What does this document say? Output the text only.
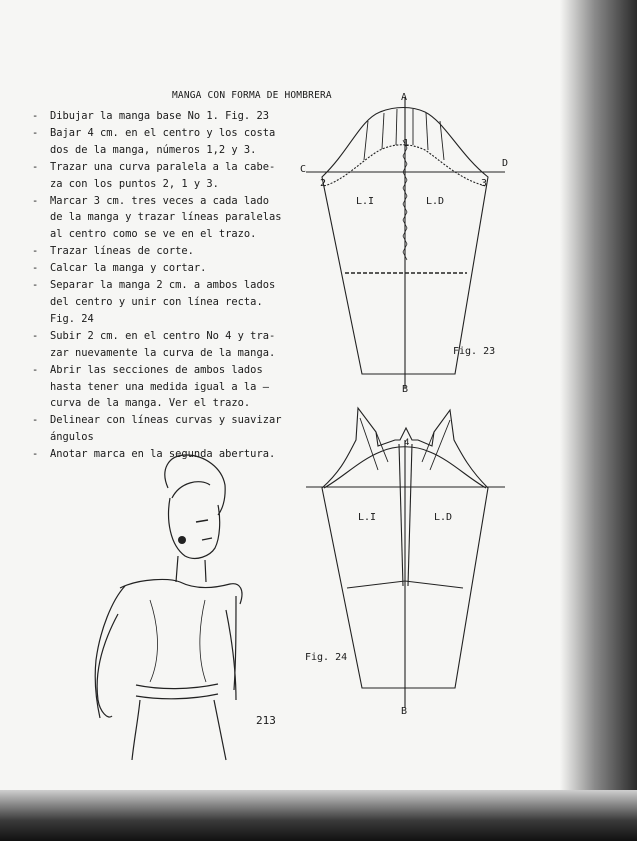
MANGA CON FORMA DE HOMBRERA
- Dibujar la manga base No 1. Fig. 23
- Bajar 4 cm. en el centro y los costa
dos de la manga, números 1,2 y 3.
- Trazar una curva paralela a la cabe-
za con los puntos 2, 1 y 3.
- Marcar 3 cm. tres veces a cada lado
de la manga y trazar líneas paralelas
al centro como se ve en el trazo.
- Trazar líneas de corte.
- Calcar la manga y cortar.
- Separar la manga 2 cm. a ambos lados
del centro y unir con línea recta.
Fig. 24
- Subir 2 cm. en el centro No 4 y tra-
zar nuevamente la curva de la manga.
- Abrir las secciones de ambos lados
hasta tener una medida igual a la —
curva de la manga. Ver el trazo.
- Delinear con líneas curvas y suavizar
ángulos
- Anotar marca en la segunda abertura.
A
1
C
D
2	3
L.I	L.D
Fig. 23
B
4
L.I	L.D
Fig. 24
B
213
